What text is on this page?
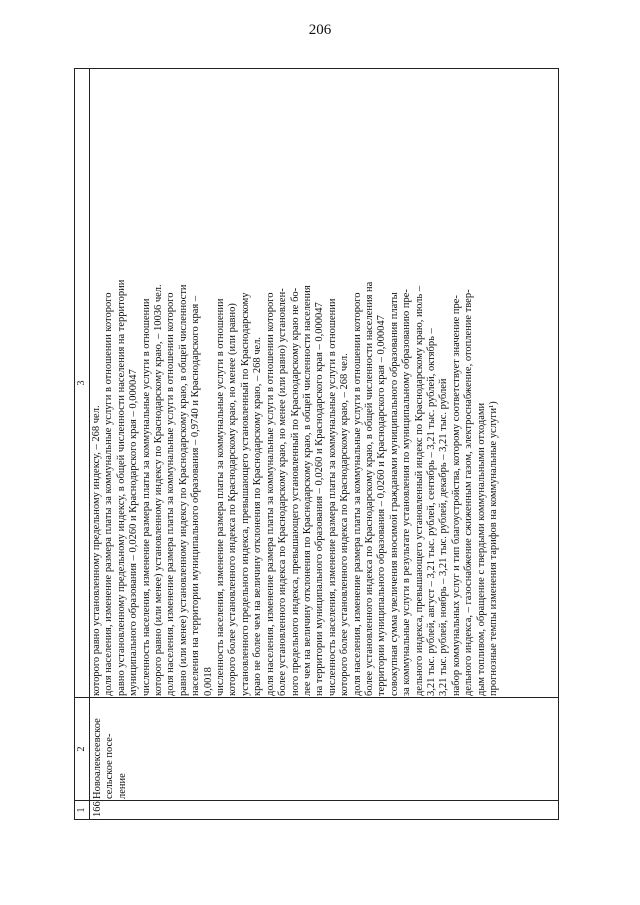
206
1
2
3
166
Новоалексеевское сельское посе- ление
которого равно установленному предельному индексу, – 268 чел. доля населения, изменение размера платы за коммунальные услуги в отношении которого равно установленному предельному индексу, в общей численности населения на территории муниципального образования – 0,0260 и Краснодарского края – 0,000047 численность населения, изменение размера платы за коммунальные услуги в отношении которого равно (или менее) установленному индексу по Краснодарскому краю, – 10036 чел. доля населения, изменение размера платы за коммунальные услуги в отношении которого равно (или менее) установленному индексу по Краснодарскому краю, в общей численности населения на территории муниципального образования – 0,9740 и Краснодарского края – 0,0018 численность населения, изменение размера платы за коммунальные услуги в отношении которого более установленного индекса по Краснодарскому краю, но менее (или равно) установленного предельного индекса, превышающего установленный по Краснодарскому краю не более чем на величину отклонения по Краснодарскому краю, – 268 чел. доля населения, изменение размера платы за коммунальные услуги в отношении которого более установленного индекса по Краснодарскому краю, но менее (или равно) установлен- ного предельного индекса, превышающего установленный по Краснодарскому краю не бо- лее чем на величину отклонения по Краснодарскому краю, в общей численности населения на территории муниципального образования – 0,0260 и Краснодарского края – 0,000047 численность населения, изменение размера платы за коммунальные услуги в отношении которого более установленного индекса по Краснодарскому краю, – 268 чел. доля населения, изменение размера платы за коммунальные услуги в отношении которого более установленного индекса по Краснодарскому краю, в общей численности населения на территории муниципального образования – 0,0260 и Краснодарского края – 0,000047 совокупная сумма увеличения вносимой гражданами муниципального образования платы за коммунальные услуги в результате установления по муниципальному образованию пре- дельного индекса, превышающего установленный индекс по Краснодарскому краю, июль – 3,21 тыс. рублей, август – 3,21 тыс. рублей, сентябрь – 3,21 тыс. рублей, октябрь – 3,21 тыс. рублей, ноябрь – 3,21 тыс. рублей, декабрь – 3,21 тыс. рублей набор коммунальных услуг и тип благоустройства, которому соответствует значение пре- дельного индекса, – газоснабжение сжиженным газом, электроснабжение, отопление твер- дым топливом, обращение с твердыми коммунальными отходами прогнозные темпы изменения тарифов на коммунальные услуги¹)
